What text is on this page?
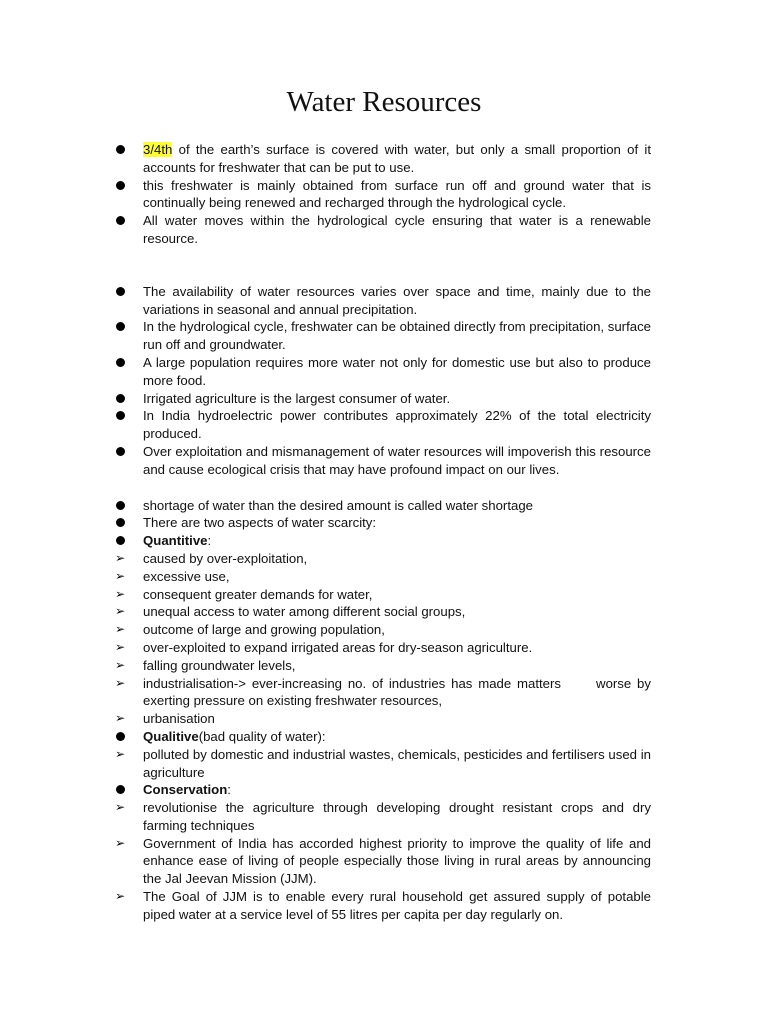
Water Resources
3/4th of the earth’s surface is covered with water, but only a small proportion of it accounts for freshwater that can be put to use.
this freshwater is mainly obtained from surface run off and ground water that is continually being renewed and recharged through the hydrological cycle.
All water moves within the hydrological cycle ensuring that water is a renewable resource.
The availability of water resources varies over space and time, mainly due to the variations in seasonal and annual precipitation.
In the hydrological cycle, freshwater can be obtained directly from precipitation, surface run off and groundwater.
A large population requires more water not only for domestic use but also to produce more food.
Irrigated agriculture is the largest consumer of water.
In India hydroelectric power contributes approximately 22% of the total electricity produced.
Over exploitation and mismanagement of water resources will impoverish this resource and cause ecological crisis that may have profound impact on our lives.
shortage of water than the desired amount is called water shortage
There are two aspects of water scarcity:
Quantitive:
➢ caused by over-exploitation,
➢ excessive use,
➢ consequent greater demands for water,
➢ unequal access to water among different social groups,
➢ outcome of large and growing population,
➢ over-exploited to expand irrigated areas for dry-season agriculture.
➢ falling groundwater levels,
➢ industrialisation-> ever-increasing no. of industries has made matters      worse by exerting pressure on existing freshwater resources,
➢ urbanisation
Qualitive(bad quality of water):
➢ polluted by domestic and industrial wastes, chemicals, pesticides and fertilisers used in agriculture
Conservation:
➢ revolutionise the agriculture through developing drought resistant crops and dry farming techniques
➢ Government of India has accorded highest priority to improve the quality of life and enhance ease of living of people especially those living in rural areas by announcing the Jal Jeevan Mission (JJM).
➢ The Goal of JJM is to enable every rural household get assured supply of potable piped water at a service level of 55 litres per capita per day regularly on.
